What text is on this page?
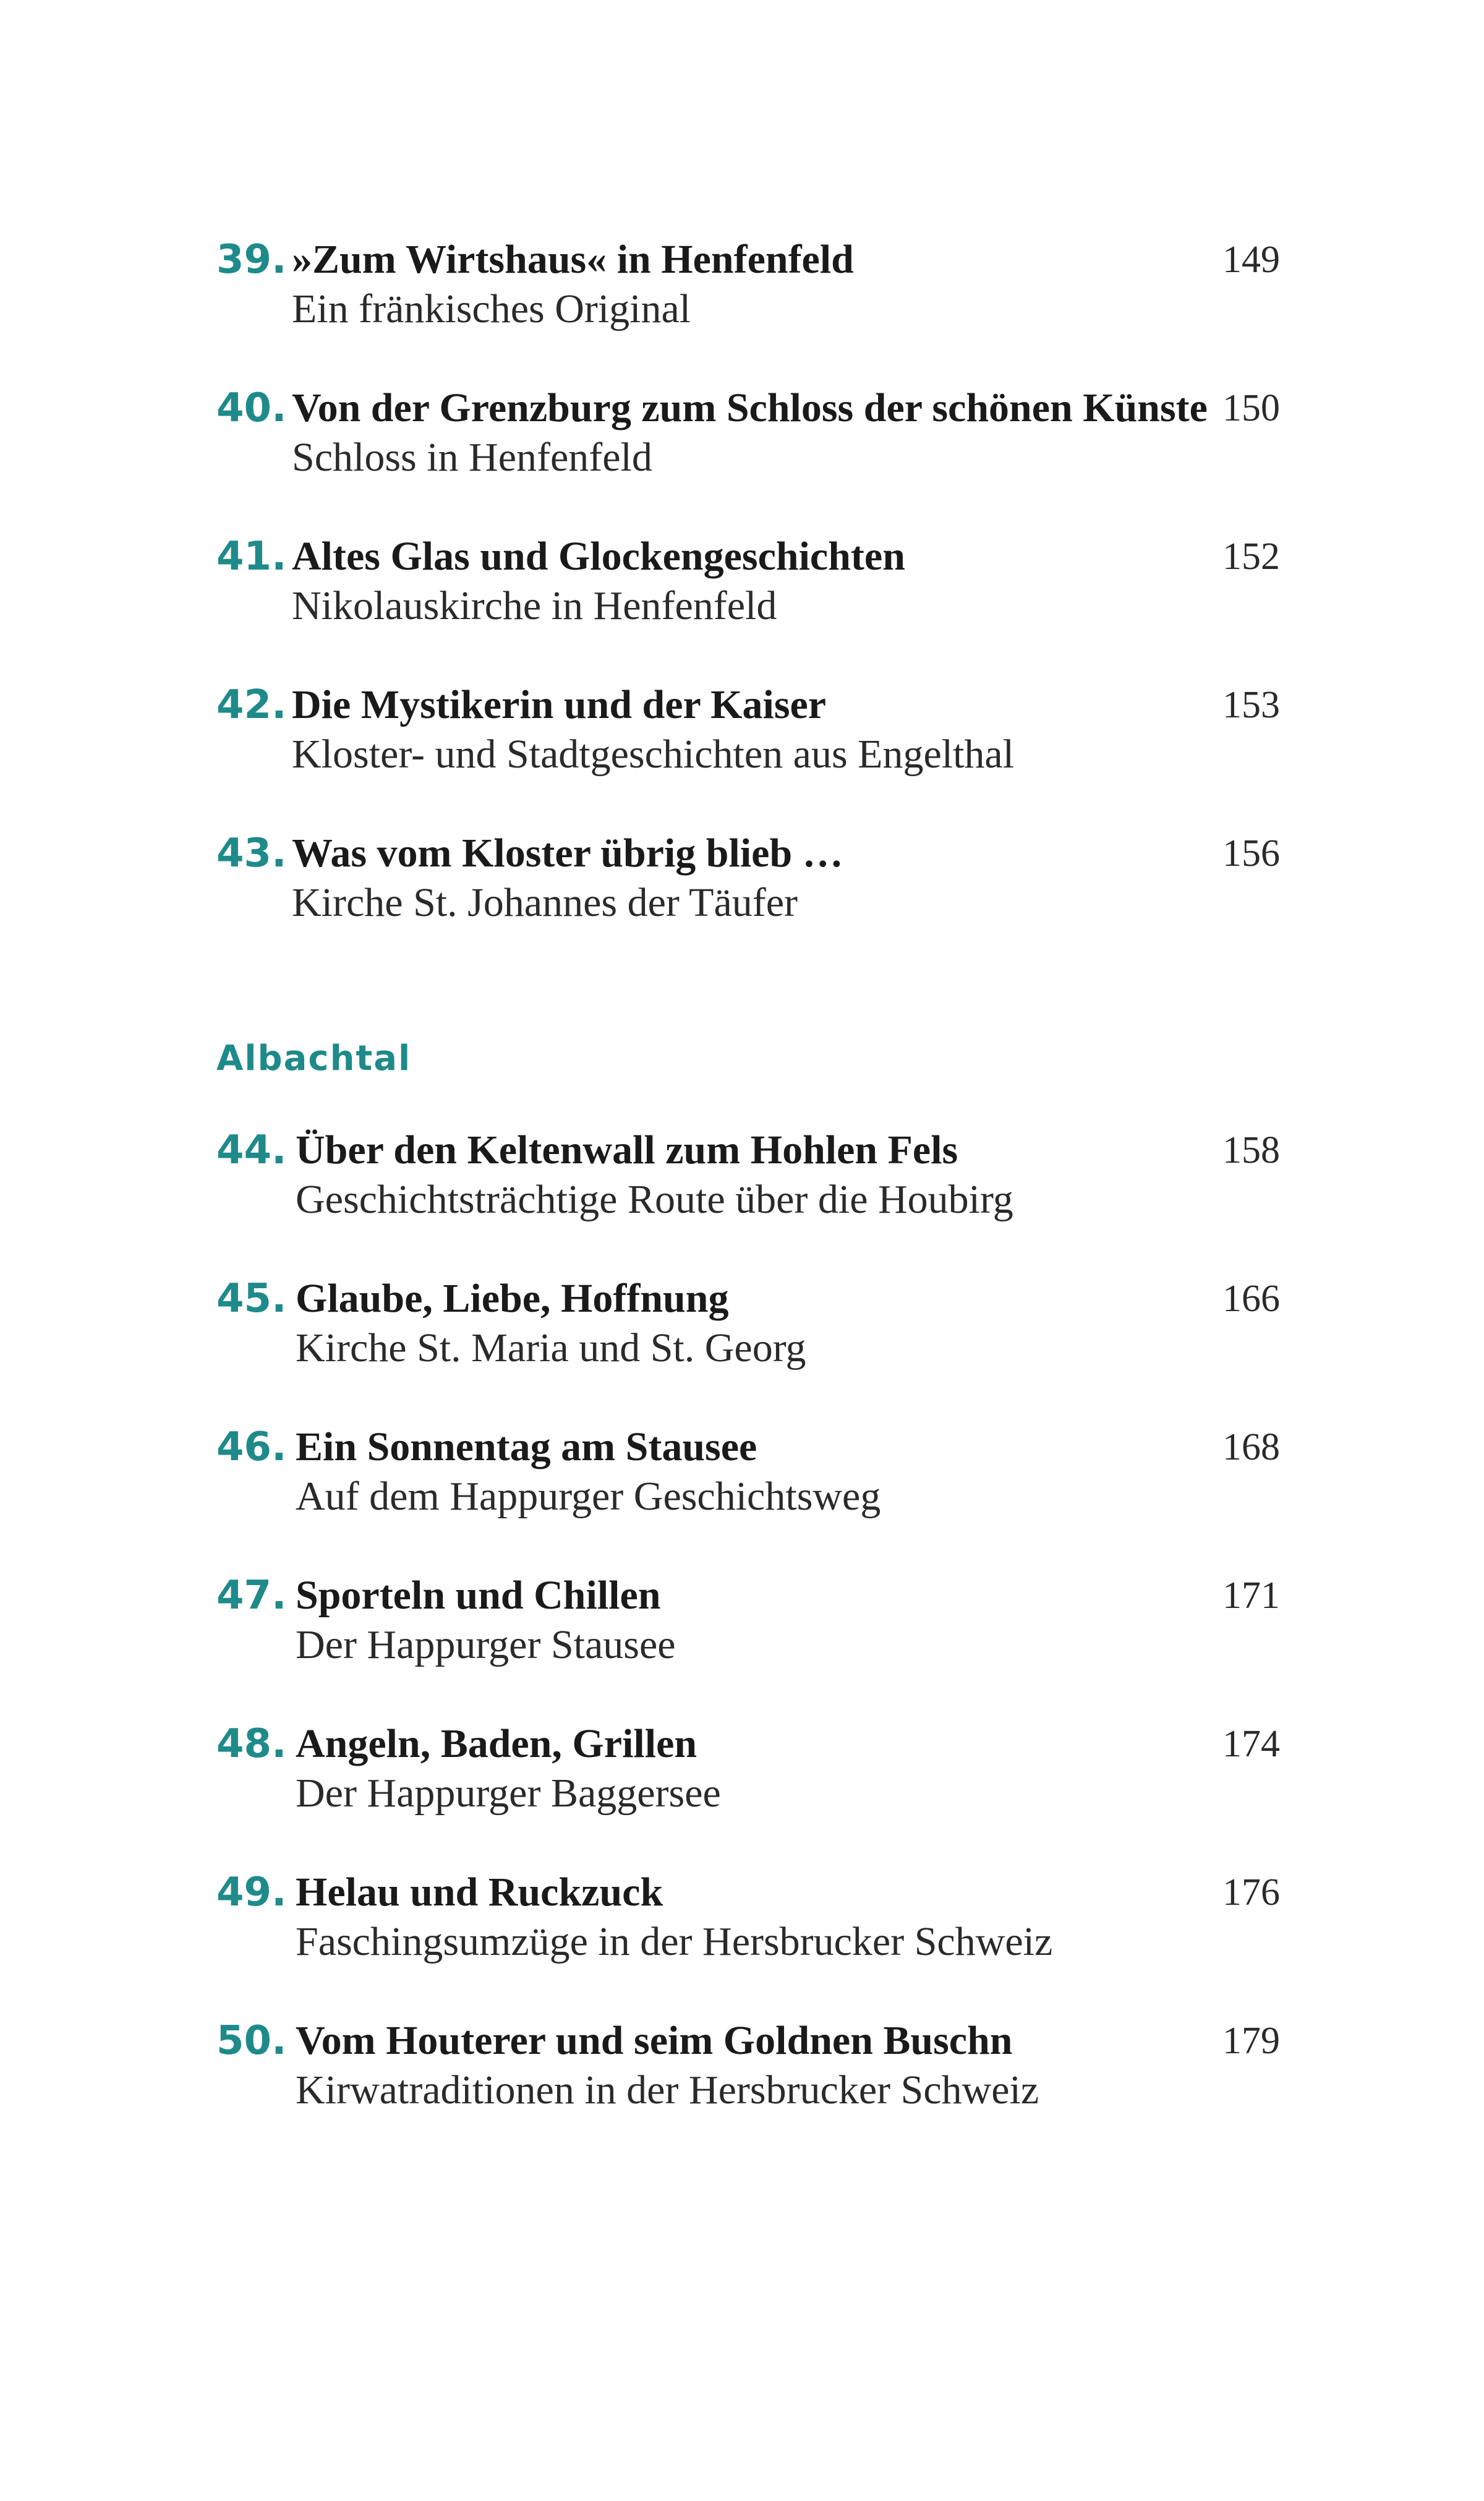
39. »Zum Wirtshaus« in Henfenfeld
Ein fränkisches Original
149
40. Von der Grenzburg zum Schloss der schönen Künste
Schloss in Henfenfeld
150
41. Altes Glas und Glockengeschichten
Nikolauskirche in Henfenfeld
152
42. Die Mystikerin und der Kaiser
Kloster- und Stadtgeschichten aus Engelthal
153
43. Was vom Kloster übrig blieb …
Kirche St. Johannes der Täufer
156
Albachtal
44. Über den Keltenwall zum Hohlen Fels
Geschichtsträchtige Route über die Houbirg
158
45. Glaube, Liebe, Hoffnung
Kirche St. Maria und St. Georg
166
46. Ein Sonnentag am Stausee
Auf dem Happurger Geschichtsweg
168
47. Sporteln und Chillen
Der Happurger Stausee
171
48. Angeln, Baden, Grillen
Der Happurger Baggersee
174
49. Helau und Ruckzuck
Faschingsumzüge in der Hersbrucker Schweiz
176
50. Vom Houterer und seim Goldnen Buschn
Kirwatraditionen in der Hersbrucker Schweiz
179
